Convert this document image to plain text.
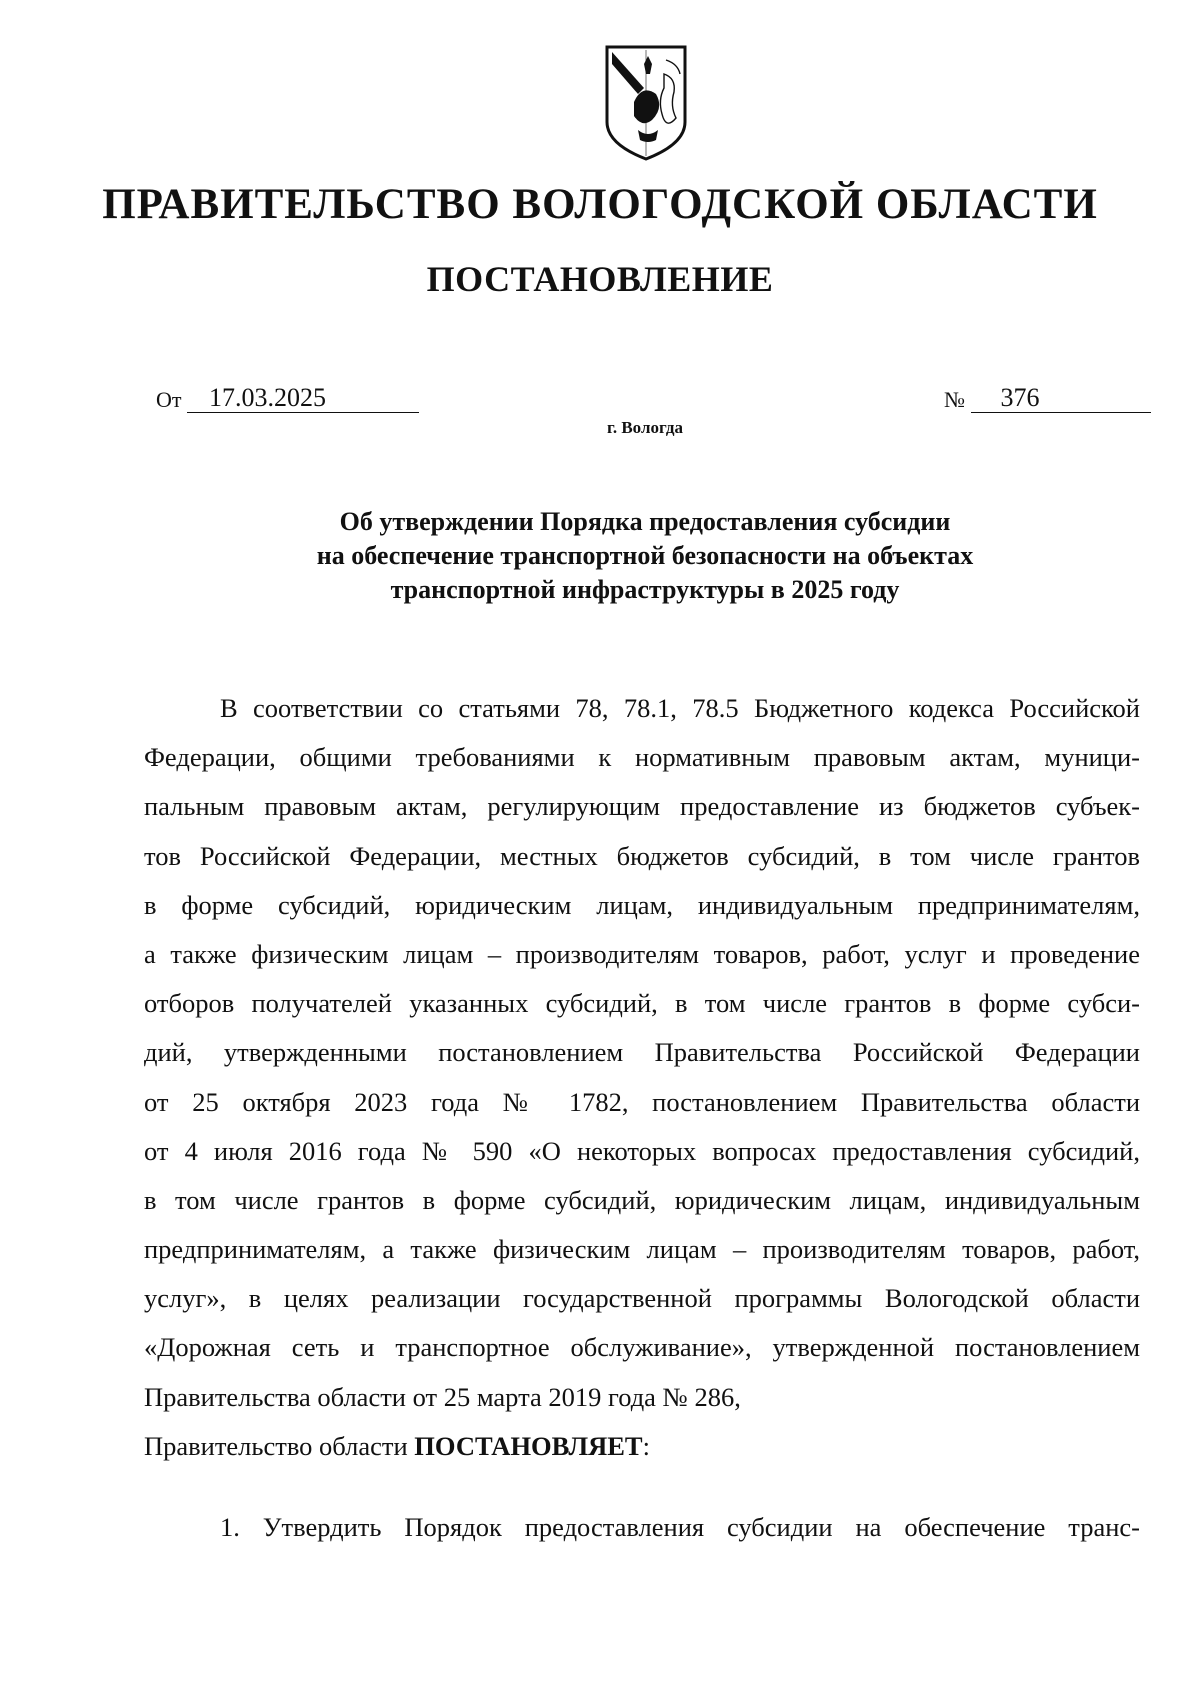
ПРАВИТЕЛЬСТВО ВОЛОГОДСКОЙ ОБЛАСТИ
ПОСТАНОВЛЕНИЕ
От 17.03.2025	№ 376
г. Вологда
Об утверждении Порядка предоставления субсидии
на обеспечение транспортной безопасности на объектах
транспортной инфраструктуры в 2025 году
В соответствии со статьями 78, 78.1, 78.5 Бюджетного кодекса Российской
Федерации, общими требованиями к нормативным правовым актам, муници-
пальным правовым актам, регулирующим предоставление из бюджетов субъек-
тов Российской Федерации, местных бюджетов субсидий, в том числе грантов
в форме субсидий, юридическим лицам, индивидуальным предпринимателям,
а также физическим лицам – производителям товаров, работ, услуг и проведение
отборов получателей указанных субсидий, в том числе грантов в форме субси-
дий, утвержденными постановлением Правительства Российской Федерации
от 25 октября 2023 года № 1782, постановлением Правительства области
от 4 июля 2016 года № 590 «О некоторых вопросах предоставления субсидий,
в том числе грантов в форме субсидий, юридическим лицам, индивидуальным
предпринимателям, а также физическим лицам – производителям товаров, работ,
услуг», в целях реализации государственной программы Вологодской области
«Дорожная сеть и транспортное обслуживание», утвержденной постановлением
Правительства области от 25 марта 2019 года № 286,
Правительство области ПОСТАНОВЛЯЕТ:
1. Утвердить Порядок предоставления субсидии на обеспечение транс-
